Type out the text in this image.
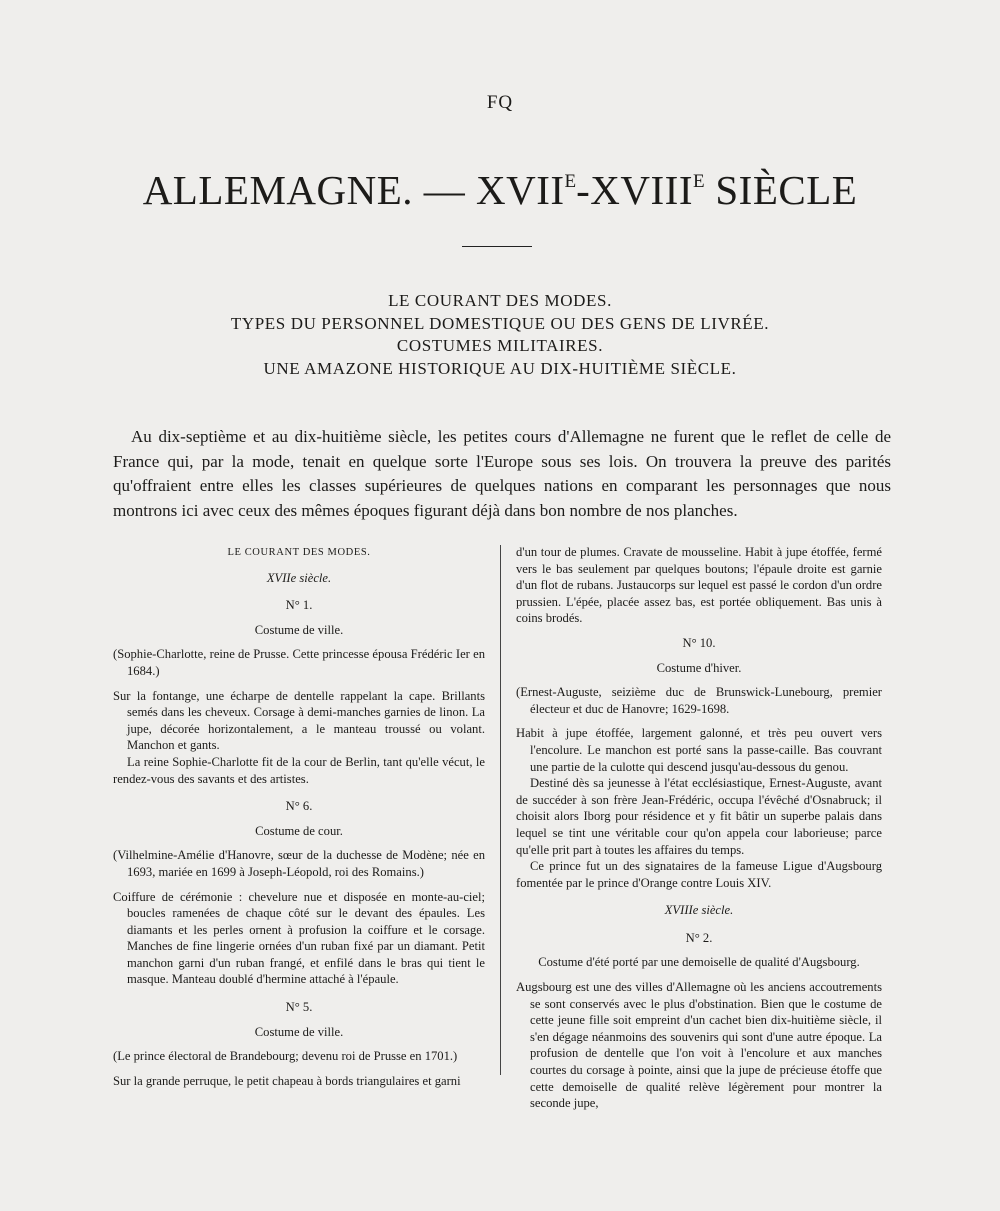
FQ
ALLEMAGNE. — $XVII^E-XVIII^E$ SIÈCLE
LE COURANT DES MODES.
TYPES DU PERSONNEL DOMESTIQUE OU DES GENS DE LIVRÉE.
COSTUMES MILITAIRES.
UNE AMAZONE HISTORIQUE AU DIX-HUITIÈME SIÈCLE.
Au dix-septième et au dix-huitième siècle, les petites cours d'Allemagne ne furent que le reflet de celle de France qui, par la mode, tenait en quelque sorte l'Europe sous ses lois. On trouvera la preuve des parités qu'offraient entre elles les classes supérieures de quelques nations en comparant les personnages que nous montrons ici avec ceux des mêmes époques figurant déjà dans bon nombre de nos planches.
LE COURANT DES MODES.
XVIIe siècle.
N° 1.
Costume de ville.
(Sophie-Charlotte, reine de Prusse. Cette princesse épousa Frédéric Ier en 1684.)
Sur la fontange, une écharpe de dentelle rappelant la cape. Brillants semés dans les cheveux. Corsage à demi-manches garnies de linon. La jupe, décorée horizontalement, a le manteau troussé ou volant. Manchon et gants.
La reine Sophie-Charlotte fit de la cour de Berlin, tant qu'elle vécut, le rendez-vous des savants et des artistes.
N° 6.
Costume de cour.
(Vilhelmine-Amélie d'Hanovre, sœur de la duchesse de Modène; née en 1693, mariée en 1699 à Joseph-Léopold, roi des Romains.)
Coiffure de cérémonie : chevelure nue et disposée en monte-au-ciel; boucles ramenées de chaque côté sur le devant des épaules. Les diamants et les perles ornent à profusion la coiffure et le corsage. Manches de fine lingerie ornées d'un ruban fixé par un diamant. Petit manchon garni d'un ruban frangé, et enfilé dans le bras qui tient le masque. Manteau doublé d'hermine attaché à l'épaule.
N° 5.
Costume de ville.
(Le prince électoral de Brandebourg; devenu roi de Prusse en 1701.)
Sur la grande perruque, le petit chapeau à bords triangulaires et garni
d'un tour de plumes. Cravate de mousseline. Habit à jupe étoffée, fermé vers le bas seulement par quelques boutons; l'épaule droite est garnie d'un flot de rubans. Justaucorps sur lequel est passé le cordon d'un ordre prussien. L'épée, placée assez bas, est portée obliquement. Bas unis à coins brodés.
N° 10.
Costume d'hiver.
(Ernest-Auguste, seizième duc de Brunswick-Lunebourg, premier électeur et duc de Hanovre; 1629-1698.
Habit à jupe étoffée, largement galonné, et très peu ouvert vers l'encolure. Le manchon est porté sans la passe-caille. Bas couvrant une partie de la culotte qui descend jusqu'au-dessous du genou.
Destiné dès sa jeunesse à l'état ecclésiastique, Ernest-Auguste, avant de succéder à son frère Jean-Frédéric, occupa l'évêché d'Osnabruck; il choisit alors Iborg pour résidence et y fit bâtir un superbe palais dans lequel se tint une véritable cour qu'on appela cour laborieuse; parce qu'elle prit part à toutes les affaires du temps.
Ce prince fut un des signataires de la fameuse Ligue d'Augsbourg fomentée par le prince d'Orange contre Louis XIV.
XVIIIe siècle.
N° 2.
Costume d'été porté par une demoiselle de qualité d'Augsbourg.
Augsbourg est une des villes d'Allemagne où les anciens accoutrements se sont conservés avec le plus d'obstination. Bien que le costume de cette jeune fille soit empreint d'un cachet bien dix-huitième siècle, il s'en dégage néanmoins des souvenirs qui sont d'une autre époque. La profusion de dentelle que l'on voit à l'encolure et aux manches courtes du corsage à pointe, ainsi que la jupe de précieuse étoffe que cette demoiselle de qualité relève légèrement pour montrer la seconde jupe,
